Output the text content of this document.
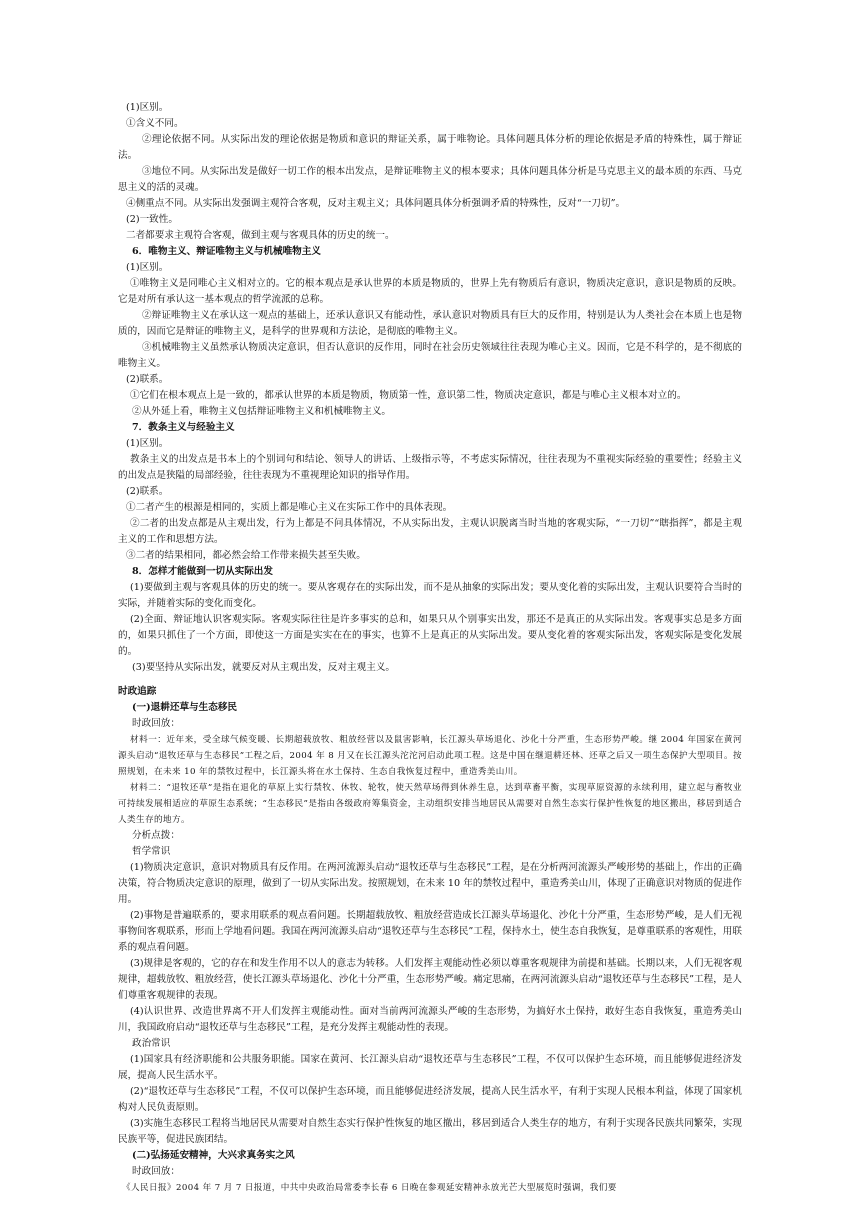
(1)区别。

①含义不同。

②理论依据不同。从实际出发的理论依据是物质和意识的辩证关系，属于唯物论。具体问题具体分析的理论依据是矛盾的特殊性，属于辩证法。

③地位不同。从实际出发是做好一切工作的根本出发点，是辩证唯物主义的根本要求；具体问题具体分析是马克思主义的最本质的东西、马克思主义的活的灵魂。

④侧重点不同。从实际出发强调主观符合客观，反对主观主义；具体问题具体分析强调矛盾的特殊性，反对“一刀切”。

(2)一致性。

二者都要求主观符合客观，做到主观与客观具体的历史的统一。

6．唯物主义、辩证唯物主义与机械唯物主义

(1)区别。

①唯物主义是同唯心主义相对立的。它的根本观点是承认世界的本质是物质的，世界上先有物质后有意识，物质决定意识，意识是物质的反映。它是对所有承认这一基本观点的哲学流派的总称。

②辩证唯物主义在承认这一观点的基础上，还承认意识又有能动性，承认意识对物质具有巨大的反作用，特别是认为人类社会在本质上也是物质的，因而它是辩证的唯物主义，是科学的世界观和方法论，是彻底的唯物主义。

③机械唯物主义虽然承认物质决定意识，但否认意识的反作用，同时在社会历史领域往往表现为唯心主义。因而，它是不科学的，是不彻底的唯物主义。

(2)联系。

①它们在根本观点上是一致的，都承认世界的本质是物质，物质第一性，意识第二性，物质决定意识，都是与唯心主义根本对立的。

②从外延上看，唯物主义包括辩证唯物主义和机械唯物主义。

7．教条主义与经验主义

(1)区别。

教条主义的出发点是书本上的个别词句和结论、领导人的讲话、上级指示等，不考虑实际情况，往往表现为不重视实际经验的重要性；经验主义的出发点是狭隘的局部经验，往往表现为不重视理论知识的指导作用。

(2)联系。

①二者产生的根源是相同的，实质上都是唯心主义在实际工作中的具体表现。

②二者的出发点都是从主观出发，行为上都是不问具体情况，不从实际出发，主观认识脱离当时当地的客观实际，“一刀切”“瞎指挥”，都是主观主义的工作和思想方法。

③二者的结果相同，都必然会给工作带来损失甚至失败。

8．怎样才能做到一切从实际出发

(1)要做到主观与客观具体的历史的统一。要从客观存在的实际出发，而不是从抽象的实际出发；要从变化着的实际出发，主观认识要符合当时的实际，并随着实际的变化而变化。

(2)全面、辩证地认识客观实际。客观实际往往是许多事实的总和，如果只从个别事实出发，那还不是真正的从实际出发。客观事实总是多方面的，如果只抓住了一个方面，即使这一方面是实实在在的事实，也算不上是真正的从实际出发。要从变化着的客观实际出发，客观实际是变化发展的。

(3)要坚持从实际出发，就要反对从主观出发，反对主观主义。

时政追踪

(一)退耕还草与生态移民

时政回放：

材料一：近年来，受全球气候变暖、长期超载放牧、粗放经营以及鼠害影响，长江源头草场退化、沙化十分严重，生态形势严峻。继 2004 年国家在黄河源头启动“退牧还草与生态移民”工程之后，2004 年 8 月又在长江源头沱沱河启动此项工程。这是中国在继退耕还林、还草之后又一项生态保护大型项目。按照规划，在未来 10 年的禁牧过程中，长江源头将在水土保持、生态自我恢复过程中，重造秀美山川。

材料二：“退牧还草”是指在退化的草原上实行禁牧、休牧、轮牧，使天然草场得到休养生息，达到草畜平衡，实现草原资源的永续利用，建立起与畜牧业可持续发展相适应的草原生态系统；“生态移民”是指由各级政府筹集资金，主动组织安排当地居民从需要对自然生态实行保护性恢复的地区搬出，移居到适合人类生存的地方。

分析点拨：

哲学常识

(1)物质决定意识，意识对物质具有反作用。在两河流源头启动“退牧还草与生态移民”工程，是在分析两河流源头严峻形势的基础上，作出的正确决策，符合物质决定意识的原理，做到了一切从实际出发。按照规划，在未来 10 年的禁牧过程中，重造秀美山川，体现了正确意识对物质的促进作用。

(2)事物是普遍联系的，要求用联系的观点看问题。长期超载放牧、粗放经营造成长江源头草场退化、沙化十分严重，生态形势严峻，是人们无视事物间客观联系，形而上学地看问题。我国在两河流源头启动“退牧还草与生态移民”工程，保持水土，使生态自我恢复，是尊重联系的客观性，用联系的观点看问题。

(3)规律是客观的，它的存在和发生作用不以人的意志为转移。人们发挥主观能动性必须以尊重客观规律为前提和基础。长期以来，人们无视客观规律，超载放牧、粗放经营，使长江源头草场退化、沙化十分严重，生态形势严峻。痛定思痛，在两河流源头启动“退牧还草与生态移民”工程，是人们尊重客观规律的表现。

(4)认识世界、改造世界离不开人们发挥主观能动性。面对当前两河流源头严峻的生态形势，为搞好水土保持，敢好生态自我恢复，重造秀美山川，我国政府启动“退牧还草与生态移民”工程，是充分发挥主观能动性的表现。

政治常识

(1)国家具有经济职能和公共服务职能。国家在黄河、长江源头启动“退牧还草与生态移民”工程，不仅可以保护生态环境，而且能够促进经济发展，提高人民生活水平。

(2)“退牧还草与生态移民”工程，不仅可以保护生态环境，而且能够促进经济发展，提高人民生活水平，有利于实现人民根本利益，体现了国家机构对人民负责原则。

(3)实施生态移民工程将当地居民从需要对自然生态实行保护性恢复的地区撤出，移居到适合人类生存的地方，有利于实现各民族共同繁荣，实现民族平等，促进民族团结。

(二)弘扬延安精神，大兴求真务实之风

时政回放：

《人民日报》2004 年 7 月 7 日报道，中共中央政治局常委李长春 6 日晚在参观延安精神永放光芒大型展览时强调，我们要
